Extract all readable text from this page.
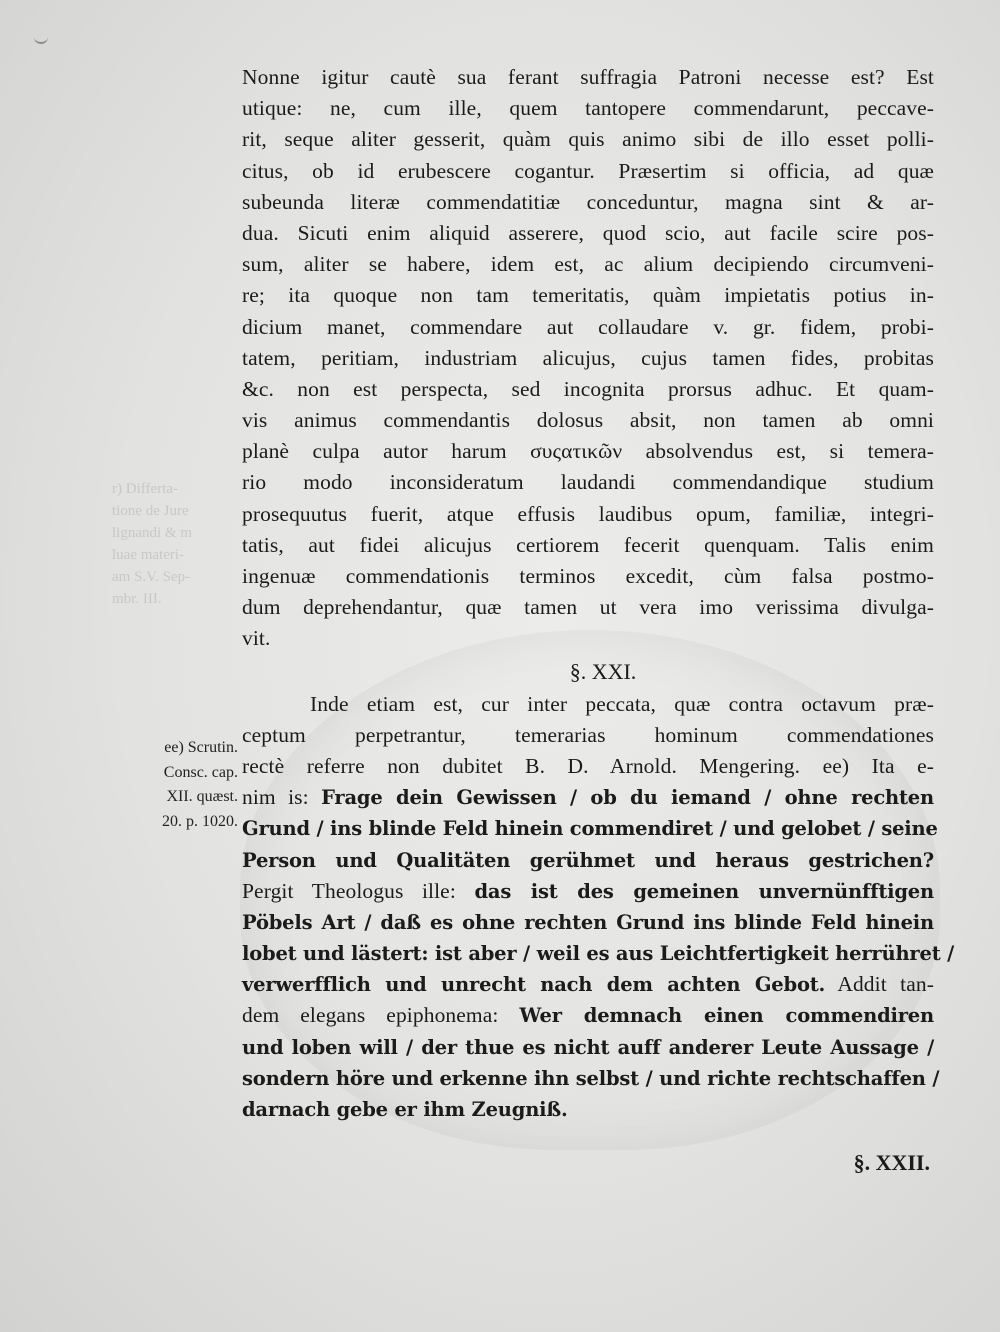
r) Differta-
tione de Jure
lignandi & m
luae materi-
am S.V. Sep-
mbr. III.
Nonne igitur cautè sua ferant suffragia Patroni necesse est? Est
utique: ne, cum ille, quem tantopere commendarunt, peccave-
rit, seque aliter gesserit, quàm quis animo sibi de illo esset polli-
citus, ob id erubescere cogantur. Præsertim si officia, ad quæ
subeunda literæ commendatitiæ conceduntur, magna sint & ar-
dua. Sicuti enim aliquid asserere, quod scio, aut facile scire pos-
sum, aliter se habere, idem est, ac alium decipiendo circumveni-
re; ita quoque non tam temeritatis, quàm impietatis potius in-
dicium manet, commendare aut collaudare v. gr. fidem, probi-
tatem, peritiam, industriam alicujus, cujus tamen fides, probitas
&c. non est perspecta, sed incognita prorsus adhuc. Et quam-
vis animus commendantis dolosus absit, non tamen ab omni
planè culpa autor harum συςατικῶν absolvendus est, si temera-
rio modo inconsideratum laudandi commendandique studium
prosequutus fuerit, atque effusis laudibus opum, familiæ, integri-
tatis, aut fidei alicujus certiorem fecerit quenquam. Talis enim
ingenuæ commendationis terminos excedit, cùm falsa postmo-
dum deprehendantur, quæ tamen ut vera imo verissima divulga-
vit.
§. XXI.
Inde etiam est, cur inter peccata, quæ contra octavum præ-
ceptum perpetrantur, temerarias hominum commendationes
rectè referre non dubitet B. D. Arnold. Mengering. ee) Ita e-
nim is: Frage dein Gewissen / ob du iemand / ohne rechten
Grund / ins blinde Feld hinein commendiret / und gelobet / seine
Person und Qualitäten gerühmet und heraus gestrichen?
Pergit Theologus ille: das ist des gemeinen unvernünfftigen
Pöbels Art / daß es ohne rechten Grund ins blinde Feld hinein
lobet und lästert: ist aber / weil es aus Leichtfertigkeit herrühret /
verwerfflich und unrecht nach dem achten Gebot. Addit tan-
dem elegans epiphonema: Wer demnach einen commendiren
und loben will / der thue es nicht auff anderer Leute Aussage /
sondern höre und erkenne ihn selbst / und richte rechtschaffen /
darnach gebe er ihm Zeugniß.
ee) Scrutin.
Consc. cap.
XII. quæst.
20. p. 1020.
§. XXII.
